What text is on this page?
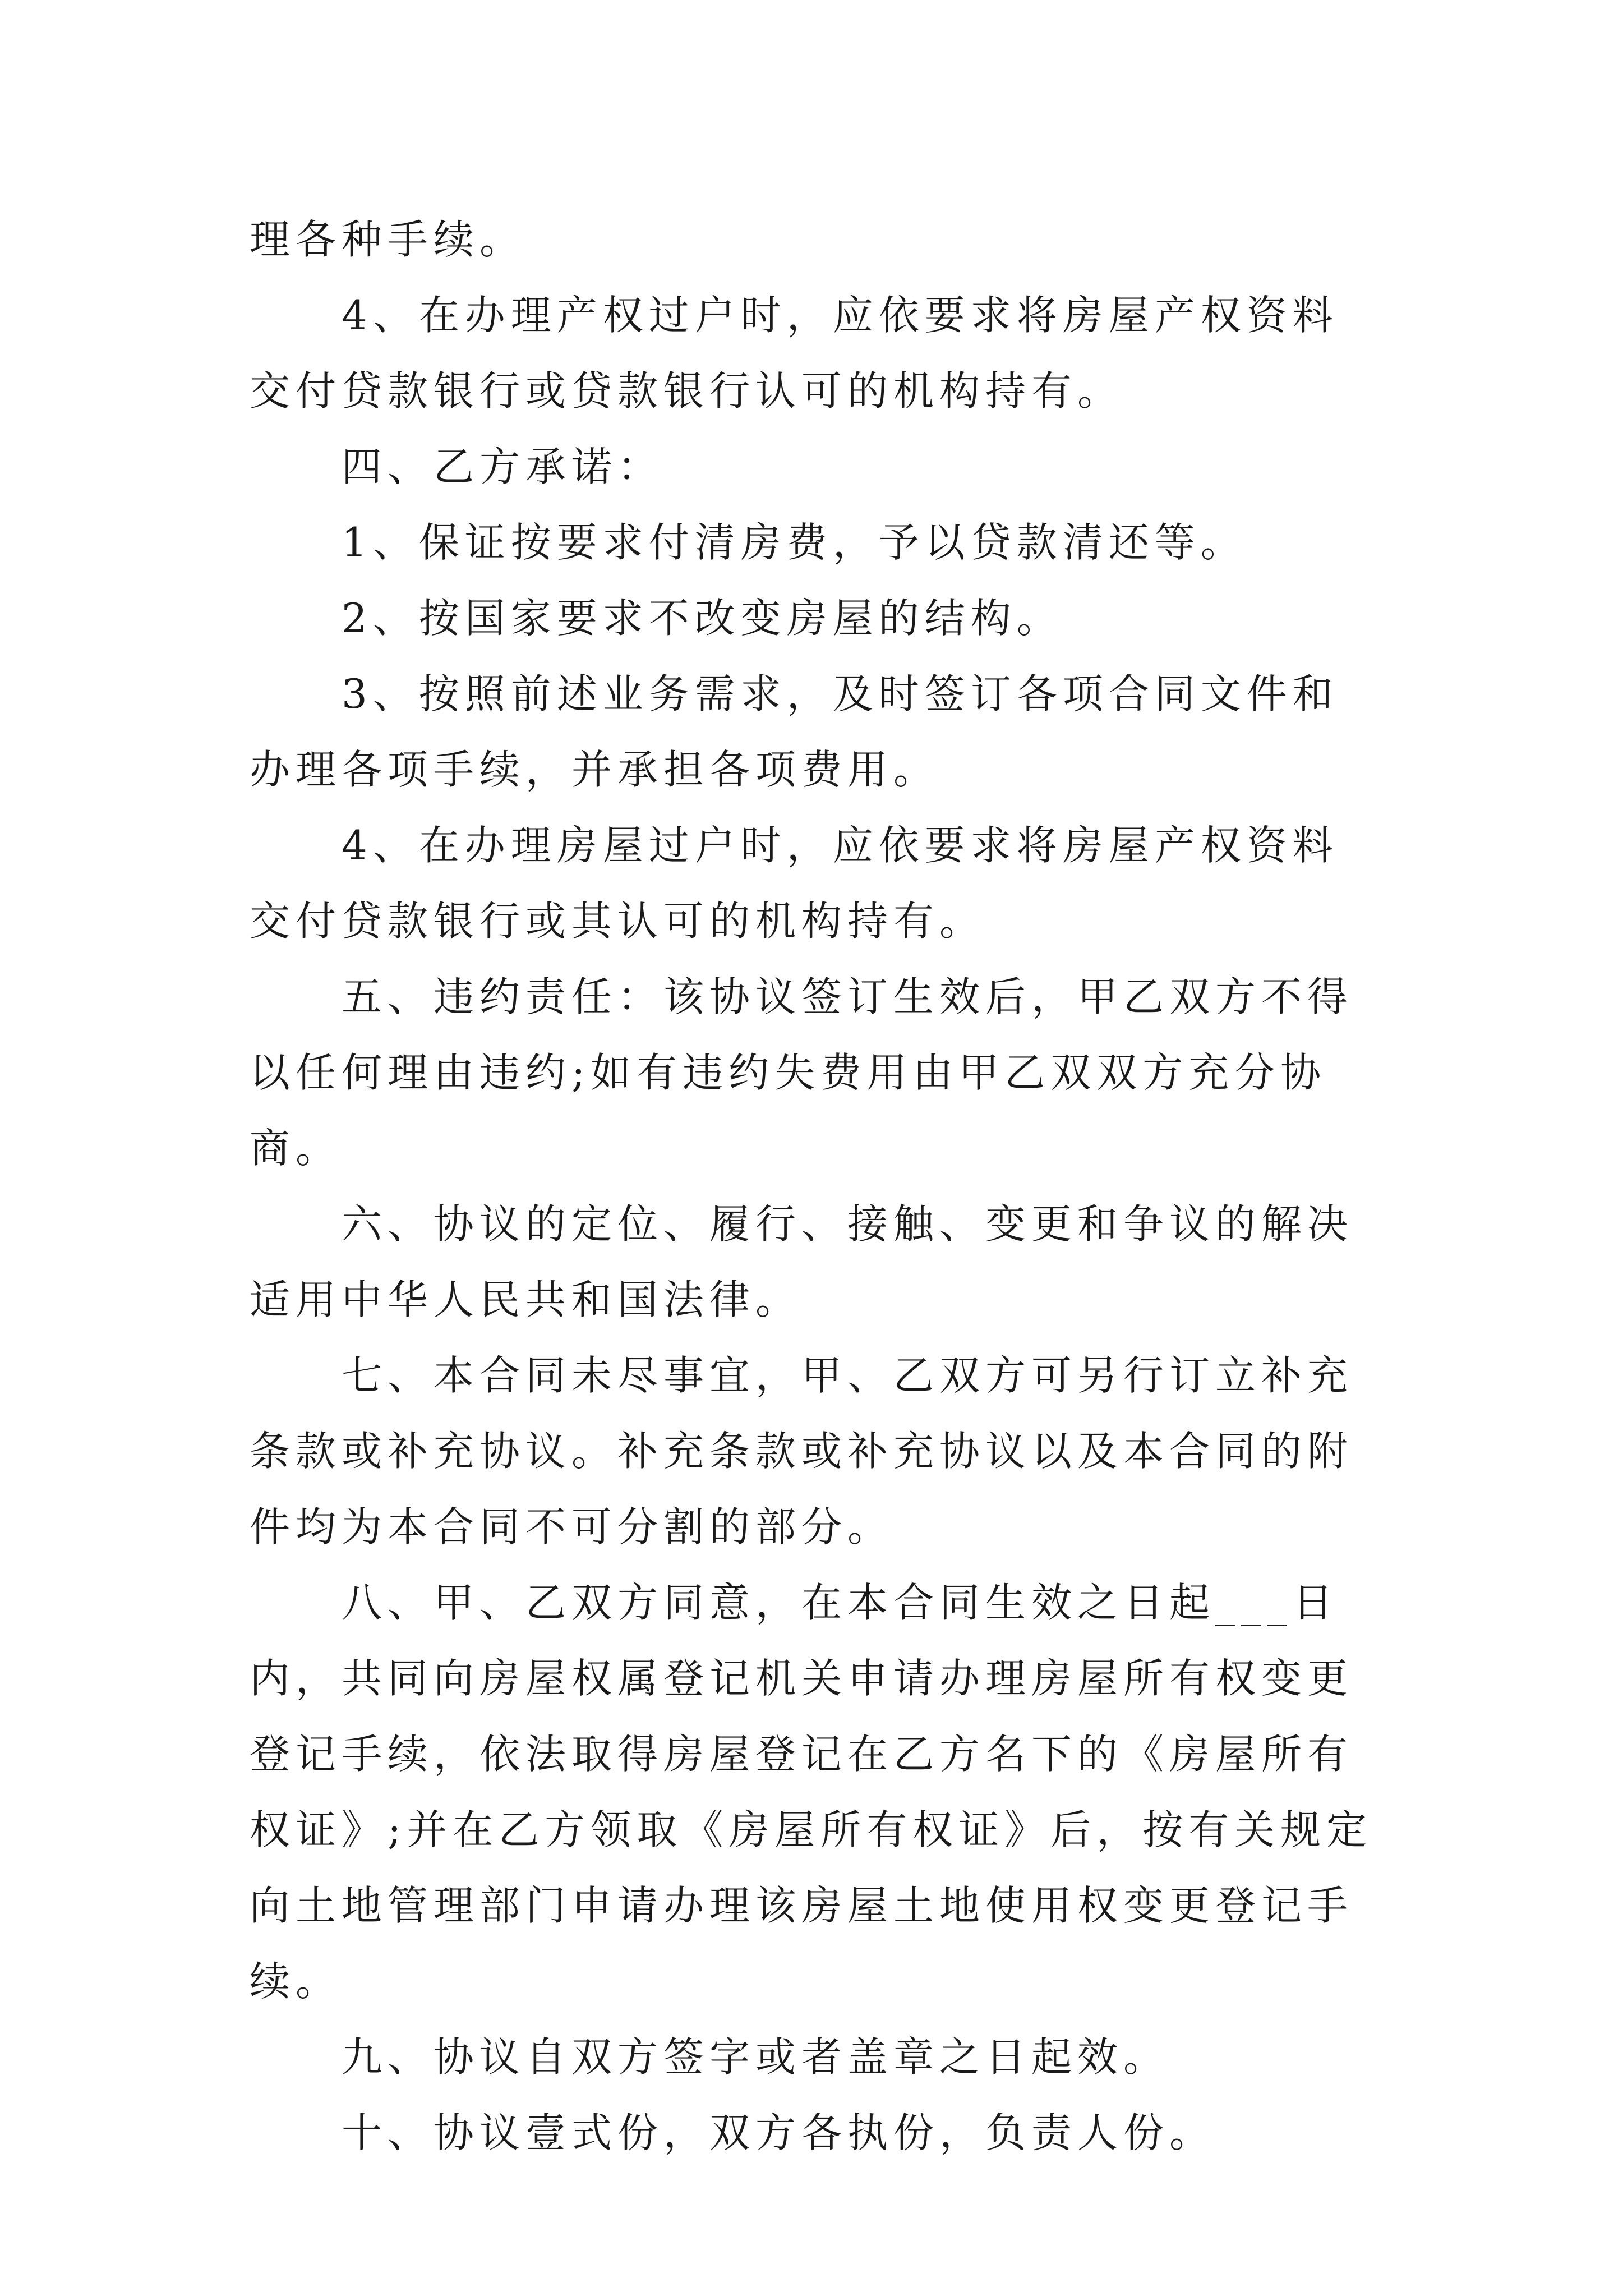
理各种手续。

4、在办理产权过户时，应依要求将房屋产权资料交付贷款银行或贷款银行认可的机构持有。

四、乙方承诺：

1、保证按要求付清房费，予以贷款清还等。

2、按国家要求不改变房屋的结构。

3、按照前述业务需求，及时签订各项合同文件和办理各项手续，并承担各项费用。

4、在办理房屋过户时，应依要求将房屋产权资料交付贷款银行或其认可的机构持有。

五、违约责任：该协议签订生效后，甲乙双方不得以任何理由违约;如有违约失费用由甲乙双双方充分协商。

六、协议的定位、履行、接触、变更和争议的解决适用中华人民共和国法律。

七、本合同未尽事宜，甲、乙双方可另行订立补充条款或补充协议。补充条款或补充协议以及本合同的附件均为本合同不可分割的部分。

八、甲、乙双方同意，在本合同生效之日起___日内，共同向房屋权属登记机关申请办理房屋所有权变更登记手续，依法取得房屋登记在乙方名下的《房屋所有权证》;并在乙方领取《房屋所有权证》后，按有关规定向土地管理部门申请办理该房屋土地使用权变更登记手续。

九、协议自双方签字或者盖章之日起效。

十、协议壹式份，双方各执份，负责人份。
